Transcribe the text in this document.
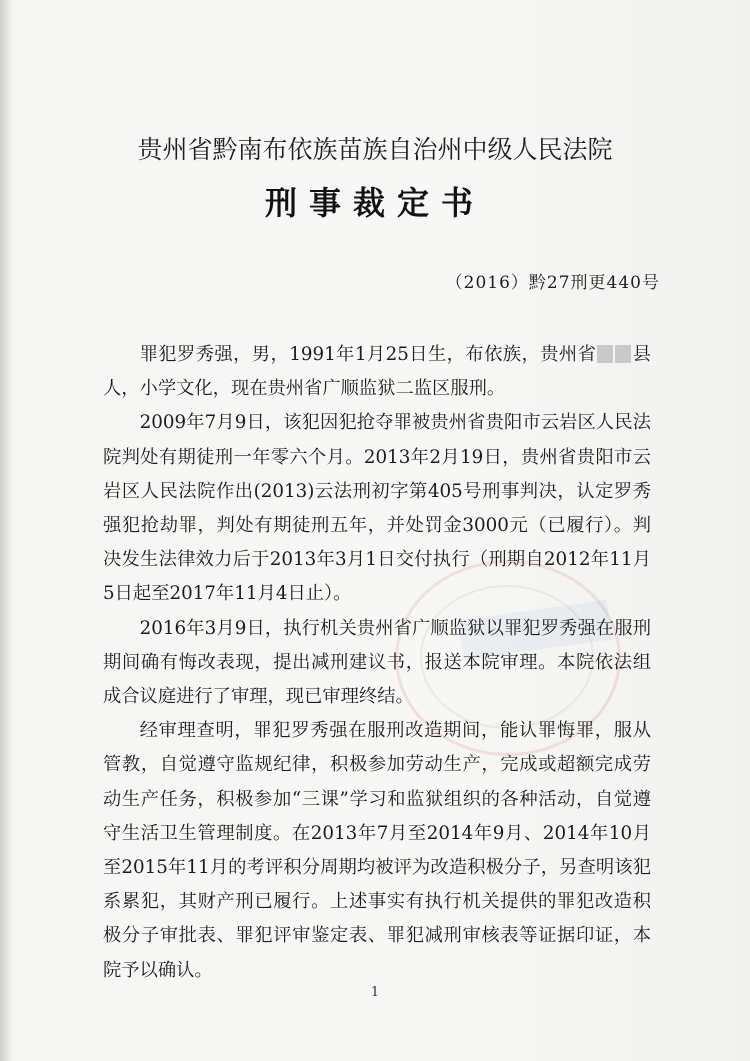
贵州省黔南布依族苗族自治州中级人民法院
刑事裁定书
（2016）黔27刑更440号

罪犯罗秀强，男，1991年1月25日生，布依族，贵州省 县人，小学文化，现在贵州省广顺监狱二监区服刑。

2009年7月9日，该犯因犯抢夺罪被贵州省贵阳市云岩区人民法院判处有期徒刑一年零六个月。2013年2月19日，贵州省贵阳市云岩区人民法院作出(2013)云法刑初字第405号刑事判决，认定罗秀强犯抢劫罪，判处有期徒刑五年，并处罚金3000元（已履行）。判决发生法律效力后于2013年3月1日交付执行（刑期自2012年11月5日起至2017年11月4日止）。

2016年3月9日，执行机关贵州省广顺监狱以罪犯罗秀强在服刑期间确有悔改表现，提出减刑建议书，报送本院审理。本院依法组成合议庭进行了审理，现已审理终结。

经审理查明，罪犯罗秀强在服刑改造期间，能认罪悔罪，服从管教，自觉遵守监规纪律，积极参加劳动生产，完成或超额完成劳动生产任务，积极参加“三课”学习和监狱组织的各种活动，自觉遵守生活卫生管理制度。在2013年7月至2014年9月、2014年10月至2015年11月的考评积分周期均被评为改造积极分子，另查明该犯系累犯，其财产刑已履行。上述事实有执行机关提供的罪犯改造积极分子审批表、罪犯评审鉴定表、罪犯减刑审核表等证据印证，本院予以确认。

1
